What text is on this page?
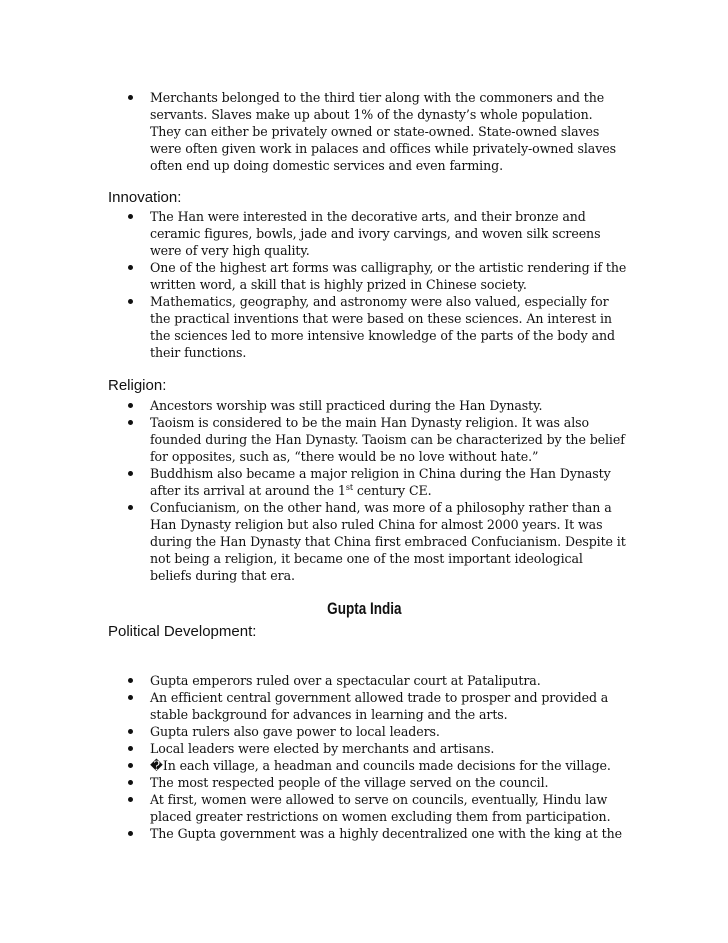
Merchants belonged to the third tier along with the commoners and the servants. Slaves make up about 1% of the dynasty’s whole population. They can either be privately owned or state-owned. State-owned slaves were often given work in palaces and offices while privately-owned slaves often end up doing domestic services and even farming.
Innovation:
The Han were interested in the decorative arts, and their bronze and ceramic figures, bowls, jade and ivory carvings, and woven silk screens were of very high quality.
One of the highest art forms was calligraphy, or the artistic rendering if the written word, a skill that is highly prized in Chinese society.
Mathematics, geography, and astronomy were also valued, especially for the practical inventions that were based on these sciences. An interest in the sciences led to more intensive knowledge of the parts of the body and their functions.
Religion:
Ancestors worship was still practiced during the Han Dynasty.
Taoism is considered to be the main Han Dynasty religion. It was also founded during the Han Dynasty. Taoism can be characterized by the belief for opposites, such as, “there would be no love without hate.”
Buddhism also became a major religion in China during the Han Dynasty after its arrival at around the 1st century CE.
Confucianism, on the other hand, was more of a philosophy rather than a Han Dynasty religion but also ruled China for almost 2000 years. It was during the Han Dynasty that China first embraced Confucianism. Despite it not being a religion, it became one of the most important ideological beliefs during that era.
Gupta India
Political Development:
Gupta emperors ruled over a spectacular court at Pataliputra.
An efficient central government allowed trade to prosper and provided a stable background for advances in learning and the arts.
Gupta rulers also gave power to local leaders.
Local leaders were elected by merchants and artisans.
�In each village, a headman and councils made decisions for the village.
The most respected people of the village served on the council.
At first, women were allowed to serve on councils, eventually, Hindu law placed greater restrictions on women excluding them from participation.
The Gupta government was a highly decentralized one with the king at the
